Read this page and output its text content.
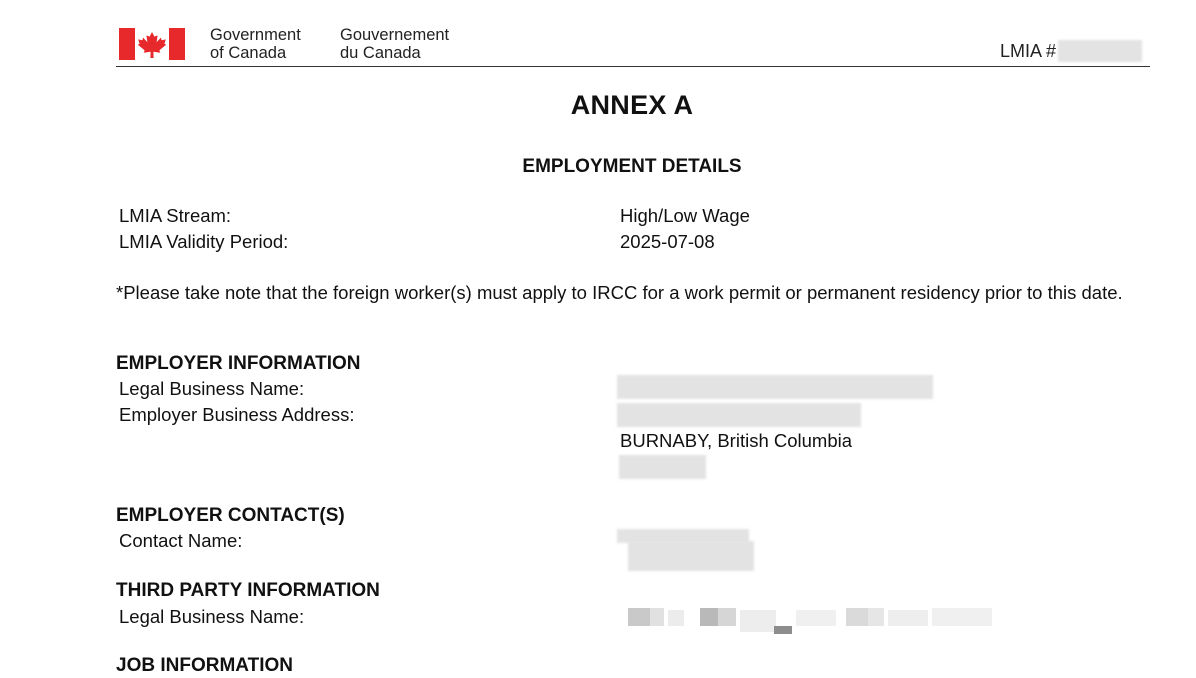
Government
of Canada
Gouvernement
du Canada	LMIA #
ANNEX A
EMPLOYMENT DETAILS
LMIA Stream:	High/Low Wage
LMIA Validity Period:	2025-07-08
*Please take note that the foreign worker(s) must apply to IRCC for a work permit or permanent residency prior to this date.
EMPLOYER INFORMATION
Legal Business Name:
Employer Business Address:
BURNABY, British Columbia
EMPLOYER CONTACT(S)
Contact Name:
THIRD PARTY INFORMATION
Legal Business Name:
JOB INFORMATION
